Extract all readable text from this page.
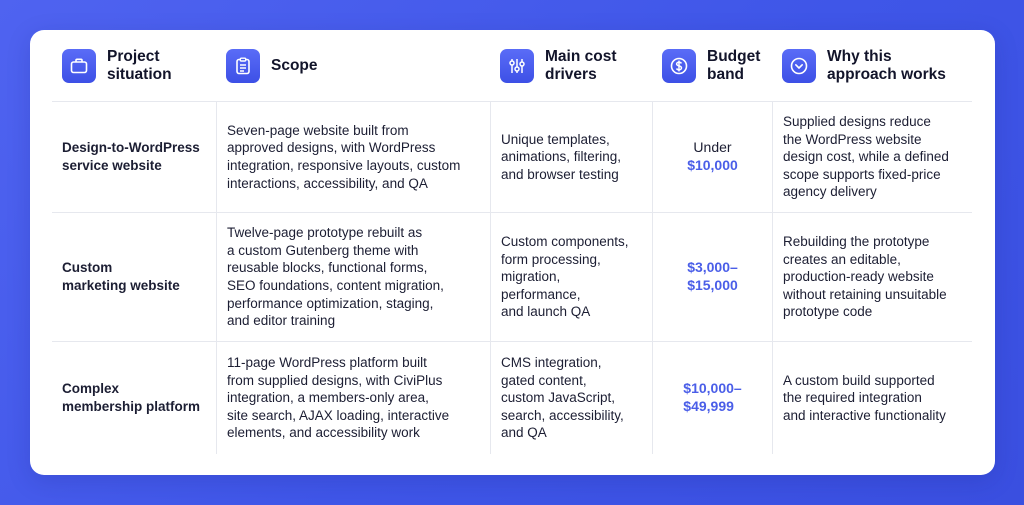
Project
situation
Scope
Main cost
drivers
Budget
band
Why this
approach works
Design-to-WordPress
service website
Seven-page website built from
approved designs, with WordPress
integration, responsive layouts, custom
interactions, accessibility, and QA
Unique templates,
animations, filtering,
and browser testing
Under
$10,000
Supplied designs reduce
the WordPress website
design cost, while a defined
scope supports fixed-price
agency delivery
Custom
marketing website
Twelve-page prototype rebuilt as
a custom Gutenberg theme with
reusable blocks, functional forms,
SEO foundations, content migration,
performance optimization, staging,
and editor training
Custom components,
form processing,
migration,
performance,
and launch QA
$3,000–
$15,000
Rebuilding the prototype
creates an editable,
production-ready website
without retaining unsuitable
prototype code
Complex
membership platform
11-page WordPress platform built
from supplied designs, with CiviPlus
integration, a members-only area,
site search, AJAX loading, interactive
elements, and accessibility work
CMS integration,
gated content,
custom JavaScript,
search, accessibility,
and QA
$10,000–
$49,999
A custom build supported
the required integration
and interactive functionality
